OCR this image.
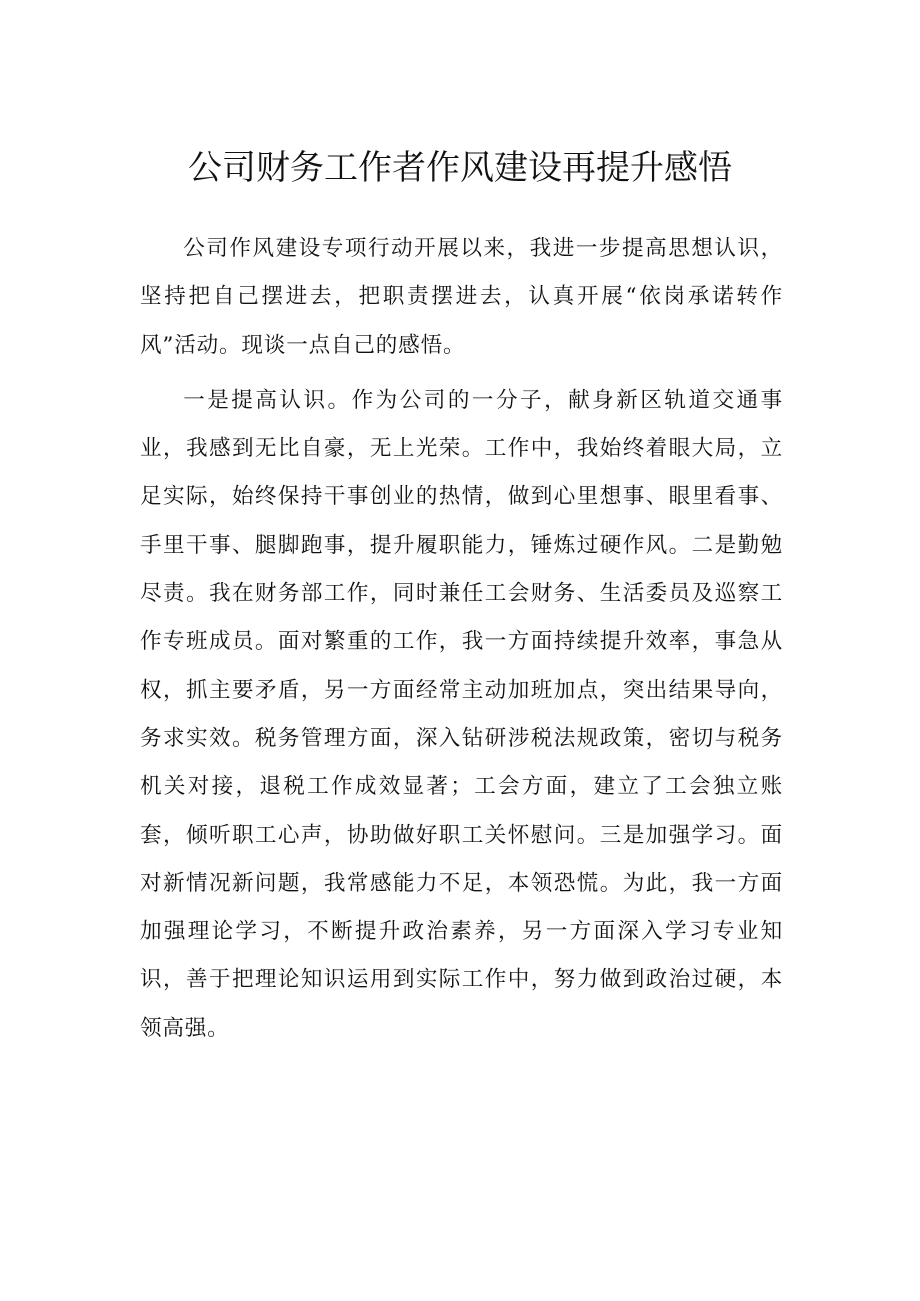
公司财务工作者作风建设再提升感悟

公司作风建设专项行动开展以来，我进一步提高思想认识，坚持把自己摆进去，把职责摆进去，认真开展“依岗承诺转作风”活动。现谈一点自己的感悟。

一是提高认识。作为公司的一分子，献身新区轨道交通事业，我感到无比自豪，无上光荣。工作中，我始终着眼大局，立足实际，始终保持干事创业的热情，做到心里想事、眼里看事、手里干事、腿脚跑事，提升履职能力，锤炼过硬作风。二是勤勉尽责。我在财务部工作，同时兼任工会财务、生活委员及巡察工作专班成员。面对繁重的工作，我一方面持续提升效率，事急从权，抓主要矛盾，另一方面经常主动加班加点，突出结果导向，务求实效。税务管理方面，深入钻研涉税法规政策，密切与税务机关对接，退税工作成效显著；工会方面，建立了工会独立账套，倾听职工心声，协助做好职工关怀慰问。三是加强学习。面对新情况新问题，我常感能力不足，本领恐慌。为此，我一方面加强理论学习，不断提升政治素养，另一方面深入学习专业知识，善于把理论知识运用到实际工作中，努力做到政治过硬，本领高强。
